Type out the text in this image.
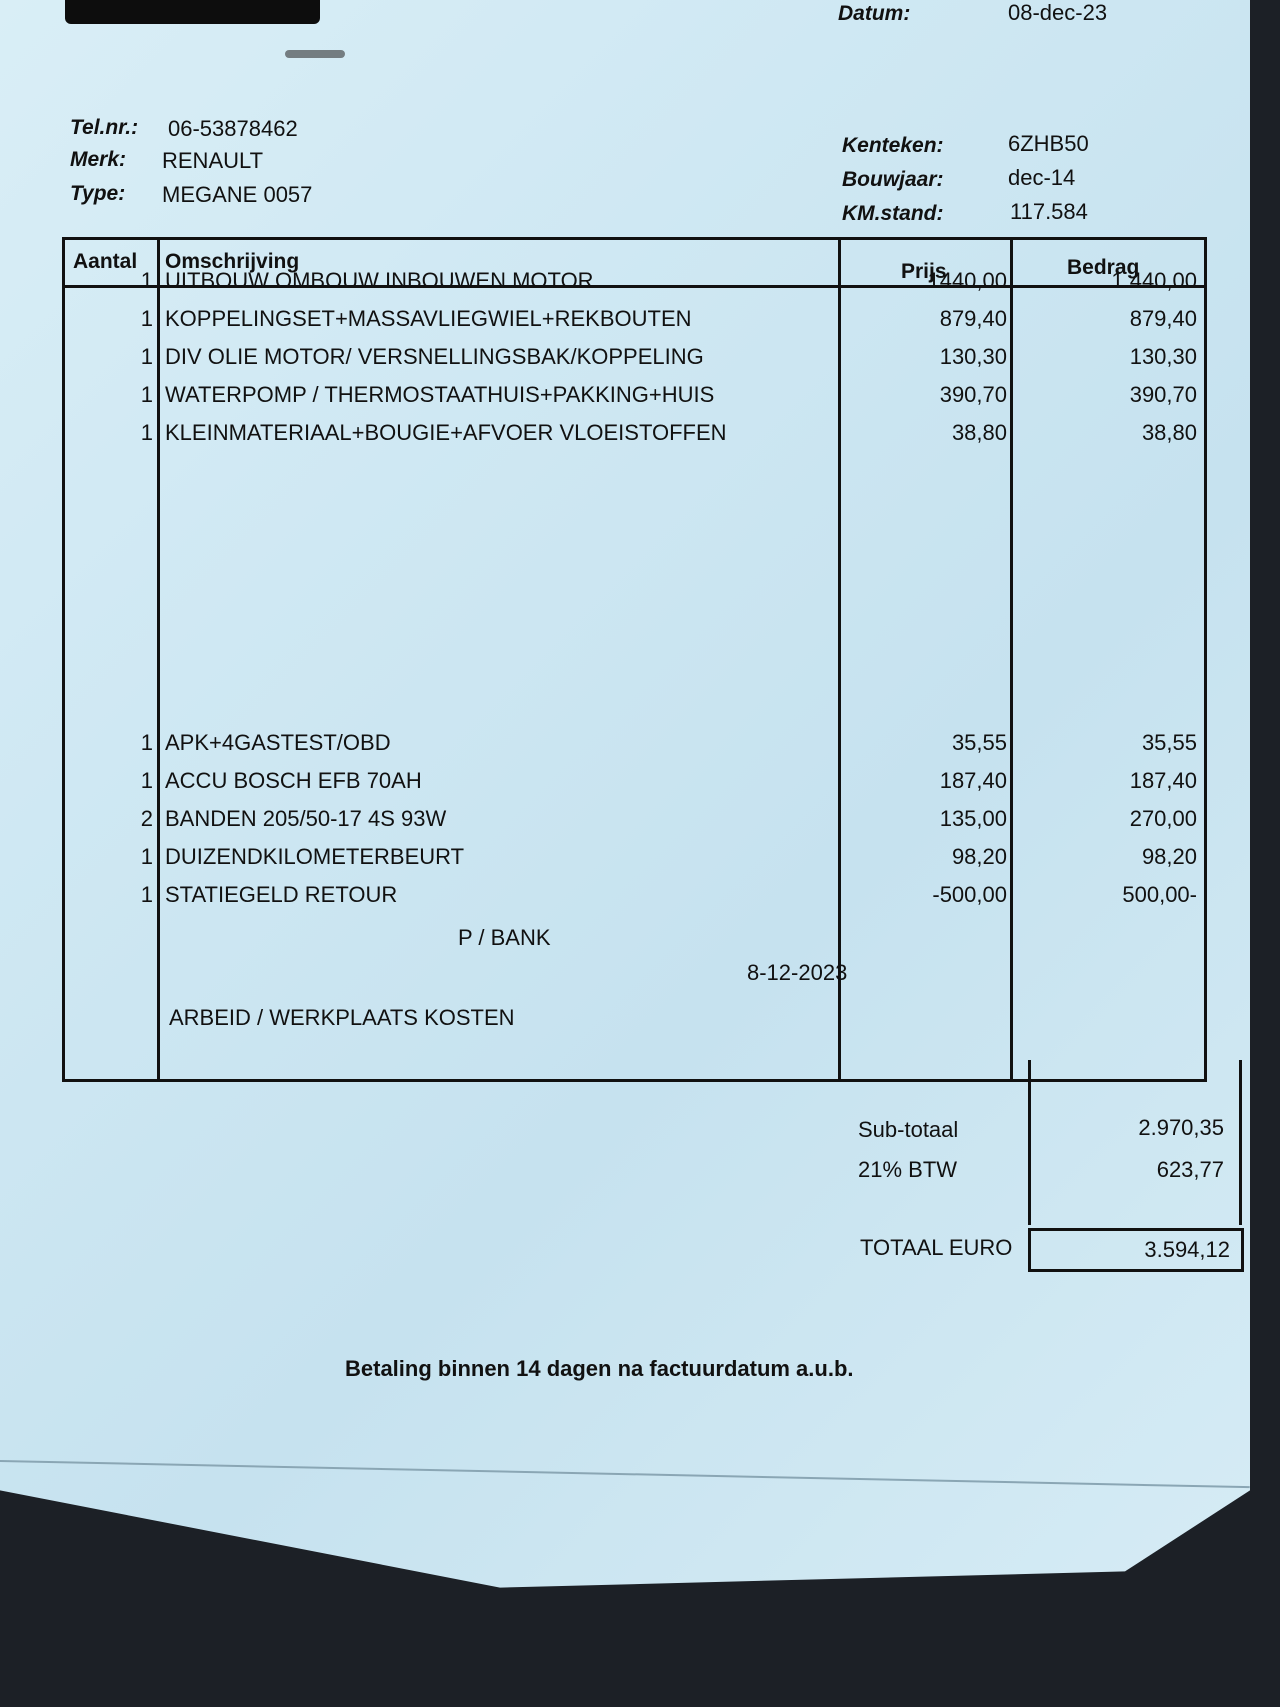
Datum:	08-dec-23
Tel.nr.: 06-53878462
Merk: RENAULT
Type: MEGANE 0057
Kenteken:	6ZHB50
Bouwjaar:	dec-14
KM.stand:	117.584
Aantal Omschrijving	Prijs	Bedrag
1 UITBOUW OMBOUW INBOUWEN MOTOR	1440,00	1.440,00
1 KOPPELINGSET+MASSAVLIEGWIEL+REKBOUTEN	879,40	879,40
1 DIV OLIE MOTOR/ VERSNELLINGSBAK/KOPPELING	130,30	130,30
1 WATERPOMP / THERMOSTAATHUIS+PAKKING+HUIS	390,70	390,70
1 KLEINMATERIAAL+BOUGIE+AFVOER VLOEISTOFFEN	38,80	38,80
1 APK+4GASTEST/OBD	35,55	35,55
1 ACCU BOSCH EFB 70AH	187,40	187,40
2 BANDEN 205/50-17 4S 93W	135,00	270,00
1 DUIZENDKILOMETERBEURT	98,20	98,20
1 STATIEGELD RETOUR	-500,00	500,00-
P / BANK
8-12-2023
ARBEID / WERKPLAATS KOSTEN
Sub-totaal	2.970,35
21% BTW	623,77
TOTAAL EURO	3.594,12
Betaling binnen 14 dagen na factuurdatum a.u.b.
